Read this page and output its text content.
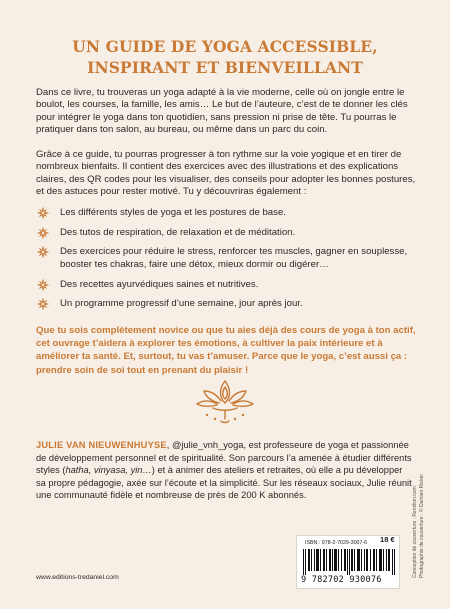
UN GUIDE DE YOGA ACCESSIBLE,
INSPIRANT ET BIENVEILLANT
Dans ce livre, tu trouveras un yoga adapté à la vie moderne, celle où on jongle entre le boulot, les courses, la famille, les amis… Le but de l’auteure, c’est de te donner les clés pour intégrer le yoga dans ton quotidien, sans pression ni prise de tête. Tu pourras le pratiquer dans ton salon, au bureau, ou même dans un parc du coin.
Grâce à ce guide, tu pourras progresser à ton rythme sur la voie yogique et en tirer de nombreux bienfaits. Il contient des exercices avec des illustrations et des explications claires, des QR codes pour les visualiser, des conseils pour adopter les bonnes postures, et des astuces pour rester motivé. Tu y découvriras également :
Les différents styles de yoga et les postures de base.
Des tutos de respiration, de relaxation et de méditation.
Des exercices pour réduire le stress, renforcer tes muscles, gagner en souplesse, booster tes chakras, faire une détox, mieux dormir ou digérer…
Des recettes ayurvédiques saines et nutritives.
Un programme progressif d’une semaine, jour après jour.
Que tu sois complètement novice ou que tu aies déjà des cours de yoga à ton actif, cet ouvrage t’aidera à explorer tes émotions, à cultiver la paix intérieure et à améliorer ta santé. Et, surtout, tu vas t’amuser. Parce que le yoga, c’est aussi ça : prendre soin de soi tout en prenant du plaisir !
JULIE VAN NIEUWENHUYSE, @julie_vnh_yoga, est professeure de yoga et passionnée de développement personnel et de spiritualité. Son parcours l’a amenée à étudier différents styles (hatha, vinyasa, yin…) et à animer des ateliers et retraites, où elle a pu développer sa propre pédagogie, axée sur l’écoute et la simplicité. Sur les réseaux sociaux, Julie réunit une communauté fidèle et nombreuse de près de 200 K abonnés.	Conception de couverture : Remilion.com Photographie de couverture : © Damien Rieker
ISBN : 978-2-7029-3007-6
9 782702 930076
18 €
www.editions-tredaniel.com
